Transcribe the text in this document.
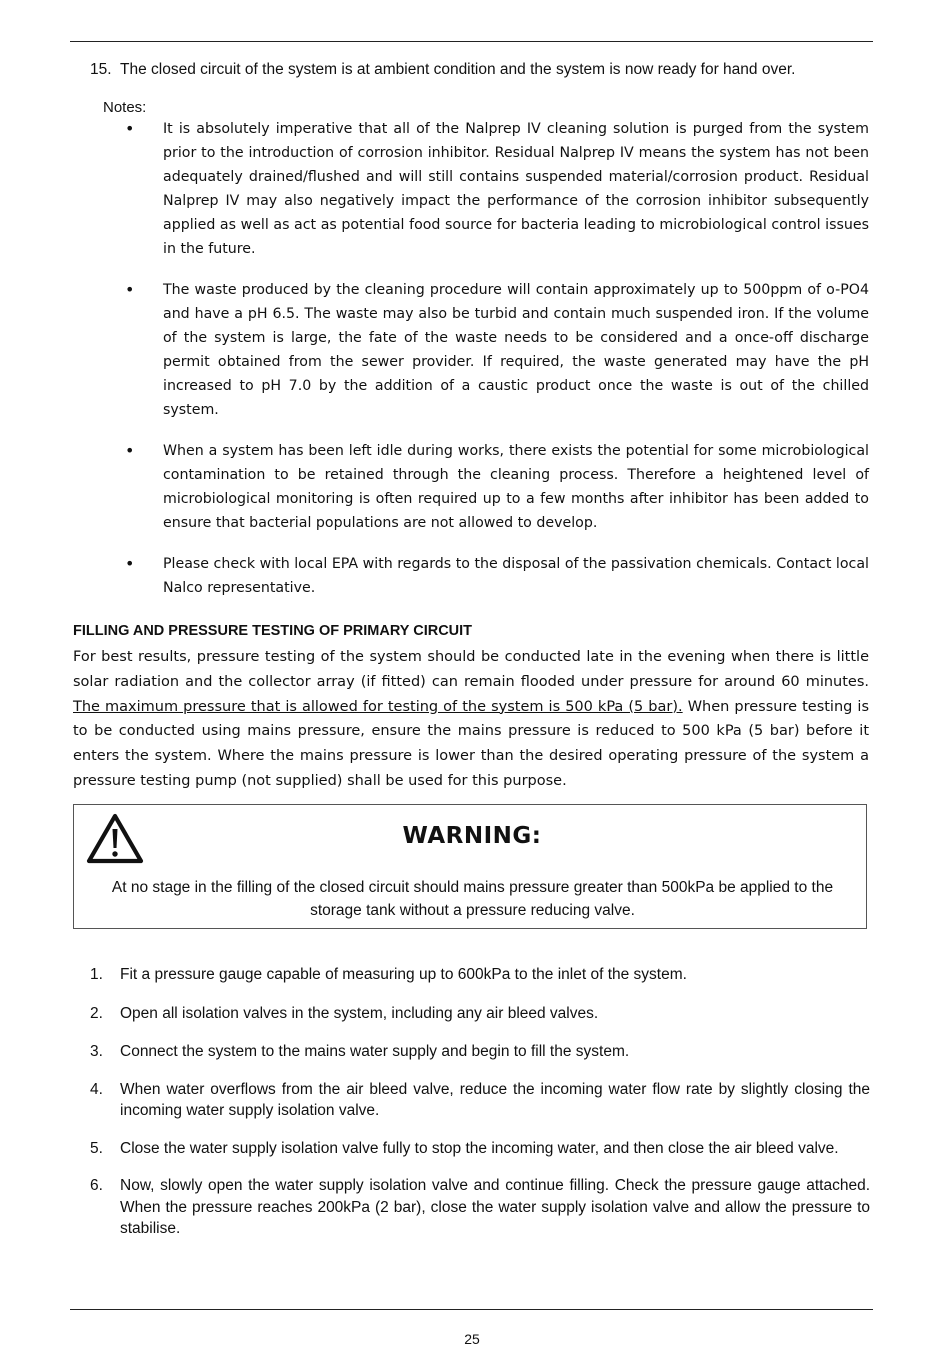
15. The closed circuit of the system is at ambient condition and the system is now ready for hand over.
Notes:
•	It is absolutely imperative that all of the Nalprep IV cleaning solution is purged from the system prior to the introduction of corrosion inhibitor. Residual Nalprep IV means the system has not been adequately drained/flushed and will still contains suspended material/corrosion product. Residual Nalprep IV may also negatively impact the performance of the corrosion inhibitor subsequently applied as well as act as potential food source for bacteria leading to microbiological control issues in the future.
•	The waste produced by the cleaning procedure will contain approximately up to 500ppm of o-PO4 and have a pH 6.5. The waste may also be turbid and contain much suspended iron. If the volume of the system is large, the fate of the waste needs to be considered and a once-off discharge permit obtained from the sewer provider. If required, the waste generated may have the pH increased to pH 7.0 by the addition of a caustic product once the waste is out of the chilled system.
•	When a system has been left idle during works, there exists the potential for some microbiological contamination to be retained through the cleaning process. Therefore a heightened level of microbiological monitoring is often required up to a few months after inhibitor has been added to ensure that bacterial populations are not allowed to develop.
•	Please check with local EPA with regards to the disposal of the passivation chemicals. Contact local Nalco representative.
FILLING AND PRESSURE TESTING OF PRIMARY CIRCUIT
For best results, pressure testing of the system should be conducted late in the evening when there is little solar radiation and the collector array (if fitted) can remain flooded under pressure for around 60 minutes. The maximum pressure that is allowed for testing of the system is 500 kPa (5 bar). When pressure testing is to be conducted using mains pressure, ensure the mains pressure is reduced to 500 kPa (5 bar) before it enters the system. Where the mains pressure is lower than the desired operating pressure of the system a pressure testing pump (not supplied) shall be used for this purpose.
WARNING:
At no stage in the filling of the closed circuit should mains pressure greater than 500kPa be applied to the storage tank without a pressure reducing valve.
1.	Fit a pressure gauge capable of measuring up to 600kPa to the inlet of the system.
2.	Open all isolation valves in the system, including any air bleed valves.
3.	Connect the system to the mains water supply and begin to fill the system.
4.	When water overflows from the air bleed valve, reduce the incoming water flow rate by slightly closing the incoming water supply isolation valve.
5.	Close the water supply isolation valve fully to stop the incoming water, and then close the air bleed valve.
6.	Now, slowly open the water supply isolation valve and continue filling. Check the pressure gauge attached. When the pressure reaches 200kPa (2 bar), close the water supply isolation valve and allow the pressure to stabilise.
25
